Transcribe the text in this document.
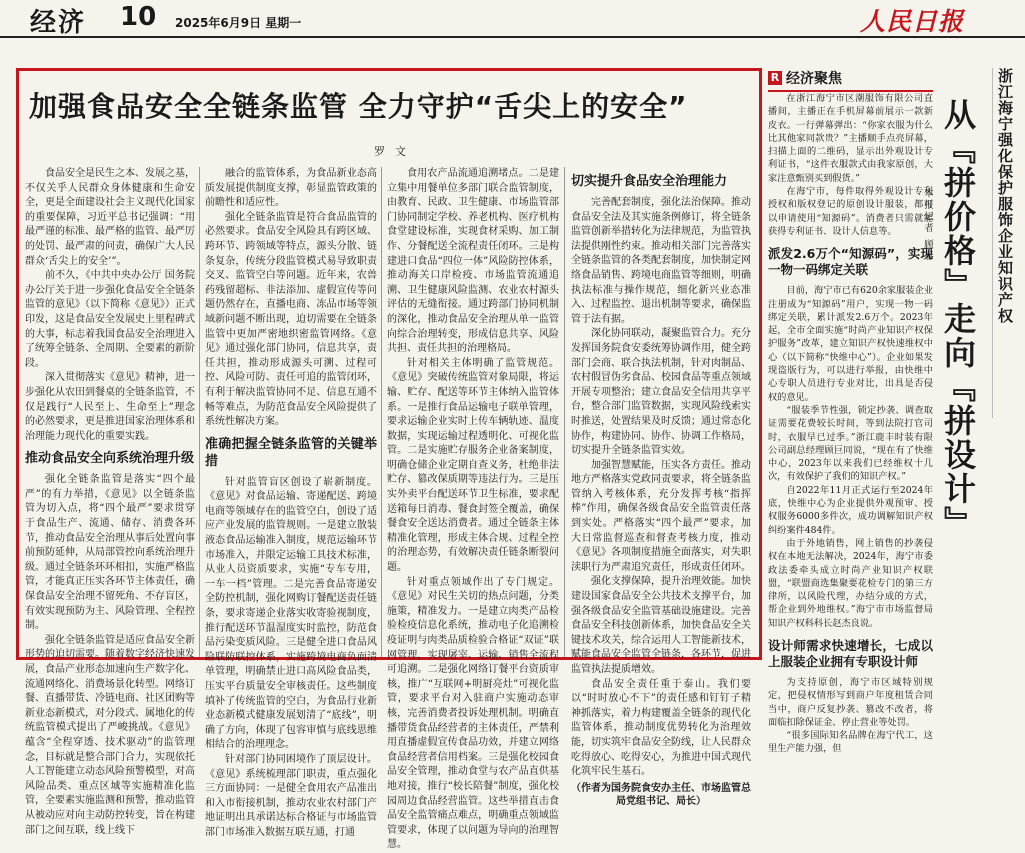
经济 10 2025年6月9日 星期一	人民日报
加强食品安全全链条监管 全力守护“舌尖上的安全”
罗文

食品安全是民生之本、发展之基，不仅关乎人民群众身体健康和生命安全，更是全面建设社会主义现代化国家的重要保障，习近平总书记强调：“用最严谨的标准、最严格的监管、最严厉的处罚、最严肃的问责，确保广大人民群众‘舌尖上的安全’”。

前不久，《中共中央办公厅 国务院办公厅关于进一步强化食品安全全链条监管的意见》（以下简称《意见》）正式印发，这是食品安全发展史上里程碑式的大事，标志着我国食品安全治理进入了统筹全链条、全周期、全要素的新阶段。

深入贯彻落实《意见》精神，进一步强化从农田到餐桌的全链条监管，不仅是践行“人民至上、生命至上”理念的必然要求，更是推进国家治理体系和治理能力现代化的重要实践。

推动食品安全向系统治理升级

强化全链条监管是落实“四个最严”的有力举措，《意见》以全链条监管为切入点，将“四个最严”要求贯穿于食品生产、流通、储存、消费各环节，推动食品安全治理从事后处置向事前预防延伸，从局部管控向系统治理升级。通过全链条环环相扣，实施严格监管，才能真正压实各环节主体责任，确保食品安全治理不留死角、不存盲区，有效实现预防为主、风险管理、全程控制。

强化全链条监管是适应食品安全新形势的迫切需要。随着数字经济快速发展，食品产业形态加速向生产数字化、流通网络化、消费场景化转型。网络订餐、直播带货、冷链电商、社区团购等新业态新模式，对分段式、属地化的传统监管模式提出了严峻挑战。《意见》蕴含“全程穿透、技术驱动”的监管理念，目标就是整合部门合力，实现依托人工智能建立动态风险预警模型，对高风险品类、重点区域等实施精准化监管，全要素实施监测和预警，推动监管从被动应对向主动防控转变，旨在构建部门之间互联，线上线下

融合的监管体系，为食品新业态高质发展提供制度支撑，彰显监管政策的前瞻性和适应性。

强化全链条监管是符合食品监管的必然要求。食品安全风险具有跨区域、跨环节、跨领域等特点，源头分散、链条复杂，传统分段监管模式易导致职责交叉、监管空白等问题。近年来，农兽药残留超标、非法添加、虚假宣传等问题仍然存在，直播电商、冻品市场等领域新问题不断出现，迫切需要在全链条监管中更加严密地织密监管网络。《意见》通过强化部门协同，信息共享，责任共担，推动形成源头可溯、过程可控、风险可防、责任可追的监管闭环，有利于解决监管协同不足、信息互通不畅等难点，为防范食品安全风险提供了系统性解决方案。

准确把握全链条监管的关键举措

针对监管盲区创设了崭新制度。《意见》对食品运输、寄递配送、跨境电商等领域存在的监管空白，创设了适应产业发展的监管规则。一是建立散装液态食品运输准入制度，规范运输环节市场准入，并限定运输工具技术标准，从业人员资质要求，实施“专车专用，一车一档”管理。二是完善食品寄递安全防控机制，强化网购订餐配送责任链条，要求寄递企业落实收寄验视制度，推行配送环节温湿度实时监控，防范食品污染变质风险。三是健全进口食品风险联防联控体系，实施跨境电商负面清单管理，明确禁止进口高风险食品类，压实平台质量安全审核责任。这些制度填补了传统监管的空白，为食品行业新业态新模式健康发展划清了“底线”，明确了方向，体现了包容审慎与底线思维相结合的治理理念。

针对部门协同困境作了顶层设计。《意见》系统梳理部门职责，重点强化三方面协同：一是健全食用农产品准出和入市衔接机制，推动农业农村部门产地证明出具承诺达标合格证与市场监管部门市场准入数据互联互通，打通

食用农产品流通追溯堵点。二是建立集中用餐单位多部门联合监管制度，由教育、民政、卫生健康、市场监管部门协同制定学校、养老机构、医疗机构食堂建设标准，实现食材采购、加工制作、分餐配送全流程责任闭环。三是构建进口食品“四位一体”风险防控体系，推动海关口岸检疫、市场监管流通追溯、卫生健康风险监测、农业农村源头评估的无缝衔接。通过跨部门协同机制的深化，推动食品安全治理从单一监管向综合治理转变，形成信息共享、风险共担、责任共担的治理格局。

针对相关主体明确了监管规范。《意见》突破传统监管对象局限，将运输、贮存、配送等环节主体纳入监管体系。一是推行食品运输电子联单管理，要求运输企业实时上传车辆轨迹、温度数据，实现运输过程透明化、可视化监管。二是实施贮存服务企业备案制度，明确仓储企业定期自查义务，杜绝非法贮存、篡改保质期等违法行为。三是压实外卖平台配送环节卫生标准，要求配送箱每日消毒、餐食封签全覆盖，确保餐食安全送达消费者。通过全链条主体精准化管理，形成主体合规、过程全控的治理态势，有效解决责任链条断裂问题。

针对重点领域作出了专门规定。《意见》对民生关切的热点问题，分类施策，精准发力。一是建立肉类产品检验检疫信息化系统，推动电子化追溯检疫证明与肉类品质检验合格证“双证”联网管理，实现屠宰、运输、销售全流程可追溯。二是强化网络订餐平台资质审核，推广“互联网+明厨亮灶”可视化监管，要求平台对入驻商户实施动态审核，完善消费者投诉处理机制。明确直播带货食品经营者的主体责任，严禁利用直播虚假宣传食品功效，并建立网络食品经营者信用档案。三是强化校园食品安全管理，推动食堂与农产品直供基地对接，推行“校长陪餐”制度，强化校园周边食品经营监管。这些举措直击食品安全监管痛点难点，明确重点领域监管要求，体现了以问题为导向的治理智慧。

切实提升食品安全治理能力

完善配套制度，强化法治保障。推动食品安全法及其实施条例修订，将全链条监管创新举措转化为法律规范，为监管执法提供刚性约束。推动相关部门完善落实全链条监管的各类配套制度，加快制定网络食品销售、跨境电商监管等细则，明确执法标准与操作规范，细化新兴业态准入、过程监控、退出机制等要求，确保监管于法有据。

深化协同联动，凝聚监管合力。充分发挥国务院食安委统筹协调作用，健全跨部门会商、联合执法机制，针对肉制品、农村假冒伪劣食品、校园食品等重点领域开展专项整治；建立食品安全信用共享平台，整合部门监管数据，实现风险线索实时推送，处置结果及时反馈；通过常态化协作，构建协同、协作、协调工作格局，切实提升全链条监管实效。

加强智慧赋能，压实各方责任。推动地方严格落实党政同责要求，将全链条监管纳入考核体系，充分发挥考核“指挥棒”作用，确保各级食品安全监管责任落到实处。严格落实“四个最严”要求，加大日常监督巡查和督查考核力度，推动《意见》各项制度措施全面落实，对失职渎职行为严肃追究责任，形成责任闭环。

强化支撑保障，提升治理效能。加快建设国家食品安全公共技术支撑平台，加强各级食品安全监管基础设施建设。完善食品安全科技创新体系，加快食品安全关键技术攻关，综合运用人工智能新技术，赋能食品安全监管全链条，各环节，促进监管执法提质增效。

食品安全责任重于泰山。我们要以“时时放心不下”的责任感和钉钉子精神抓落实，着力构建覆盖全链条的现代化监管体系，推动制度优势转化为治理效能，切实筑牢食品安全防线，让人民群众吃得放心、吃得安心，为推进中国式现代化筑牢民生基石。

（作者为国务院食安办主任、市场监管总局党组书记、局长）
R 经济聚焦

在浙江海宁市区潮服饰有限公司直播间，主播正在手机屏幕前展示一款新皮衣。一行弹幕弹出：“你家衣服为什么比其他家同款贵？”主播顺手点亮屏幕，扫描上面的二维码，显示出外观设计专利证书，“这件衣服款式由我家原创，大家注意甄别买到假货。”

在海宁市，每件取得外观设计专利授权和版权登记的原创设计服装，都可以申请使用“知源码”。消费者只需就能获得专利证书、设计人信息等。

派发2.6万个“知源码”，实现一物一码绑定关联

目前，海宁市已有620余家服装企业注册成为“知源码”用户，实现一物一码绑定关联，累计派发2.6万个。2023年起，全市全面实施“时尚产业知识产权保护服务”改革，建立知识产权快速维权中心（以下简称“快维中心”）。企业如果发现盗版行为，可以进行举报，由快维中心专职人员进行专业对比，出具是否侵权的意见。

“服装季节性强，锁定抄袭、调查取证需要花费较长时间，等到法院打官司时，衣服早已过季。”浙江鹿丰时装有限公司副总经理顾巨同说，“现在有了快维中心，2023年以来我们已经维权十几次，有效保护了我们的知识产权。”

自2022年11月正式运行至2024年底，快维中心为企业提供外观预审、授权服务6000多件次，成功调解知识产权纠纷案件484件。

由于外地销售，网上销售的抄袭侵权在本地无法解决，2024年，海宁市委政法委牵头成立时尚产业知识产权联盟，“联盟商选集聚要花检专门的第三方律所，以风险代理，办结分成的方式，帮企业到外地维权。”海宁市市场监督局知识产权科科长赵杰良说。

设计师需求快速增长，七成以上服装企业拥有专职设计师

为支持原创，海宁市区域特别规定，把侵权情形写到商户年度租赁合同当中，商户反复抄袭、篡改不改者，将面临扣除保证金、停止营业等处罚。

“很多国际知名品牌在海宁代工，这里生产能力强，但

浙江海宁强化保护服饰企业知识产权
从『拼价格』走向『拼设计』
本报记者 顾春
